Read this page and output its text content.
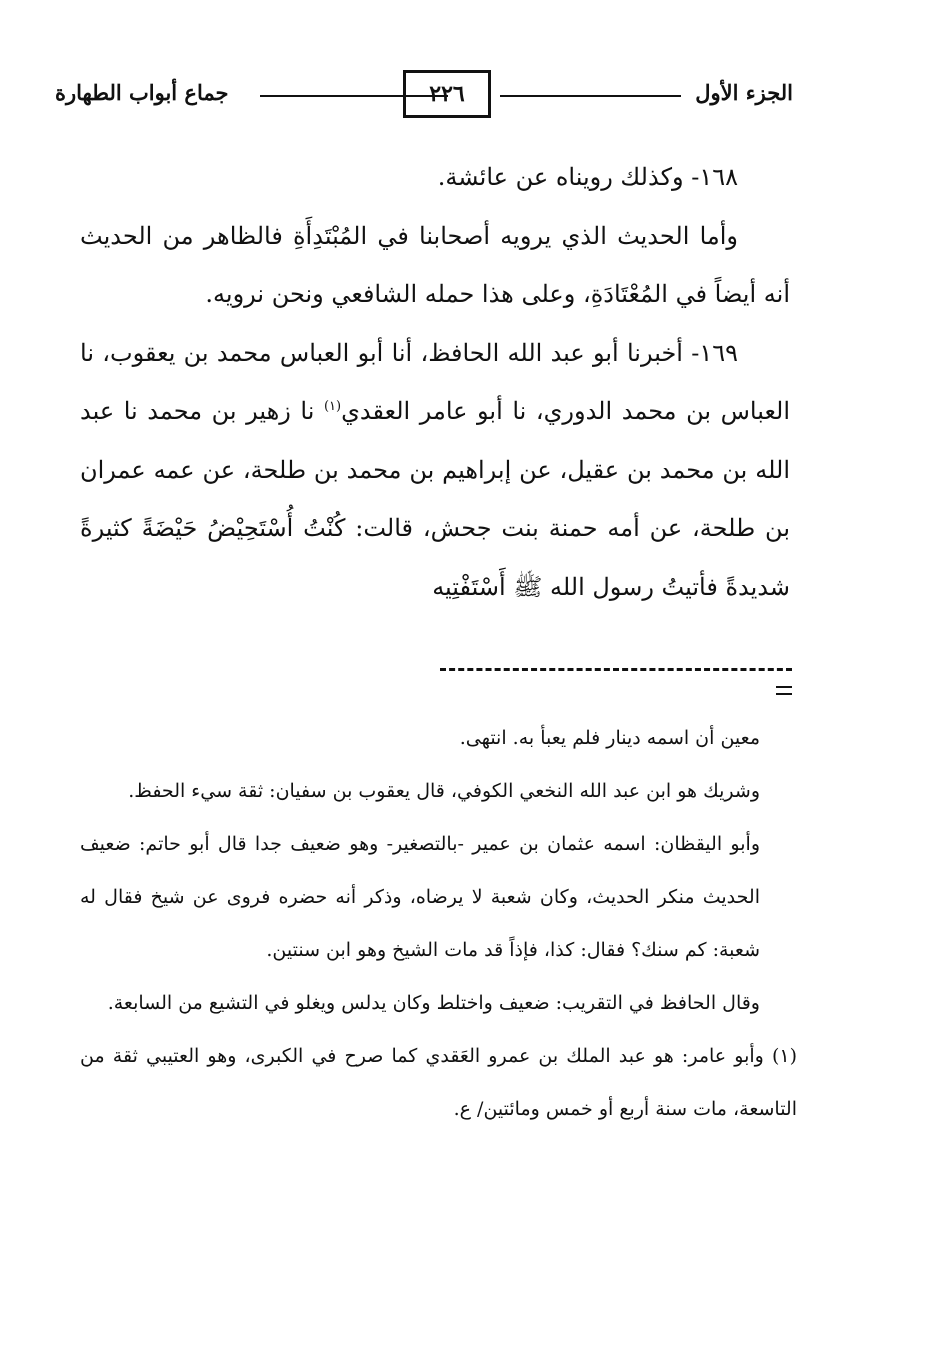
الجزء الأول
٢٢٦
جماع أبواب الطهارة

١٦٨- وكذلك رويناه عن عائشة.

وأما الحديث الذي يرويه أصحابنا في المُبْتَدِأَةِ فالظاهر من الحديث أنه أيضاً في المُعْتَادَةِ، وعلى هذا حمله الشافعي ونحن نرويه.

١٦٩- أخبرنا أبو عبد الله الحافظ، أنا أبو العباس محمد بن يعقوب، نا العباس بن محمد الدوري، نا أبو عامر العقدي$^{(١)}$ نا زهير بن محمد نا عبد الله بن محمد بن عقيل، عن إبراهيم بن محمد بن طلحة، عن عمه عمران بن طلحة، عن أمه حمنة بنت جحش، قالت: كُنْتُ أُسْتَحِيْضُ حَيْضَةً كثيرةً شديدةً فأتيتُ رسول الله ﷺ أَسْتَفْتِيه

معين أن اسمه دينار فلم يعبأ به. انتهى.

وشريك هو ابن عبد الله النخعي الكوفي، قال يعقوب بن سفيان: ثقة سيء الحفظ.

وأبو اليقظان: اسمه عثمان بن عمير -بالتصغير- وهو ضعيف جدا قال أبو حاتم: ضعيف الحديث منكر الحديث، وكان شعبة لا يرضاه، وذكر أنه حضره فروى عن شيخ فقال له شعبة: كم سنك؟ فقال: كذا، فإذاً قد مات الشيخ وهو ابن سنتين.

وقال الحافظ في التقريب: ضعيف واختلط وكان يدلس ويغلو في التشيع من السابعة.

(١) وأبو عامر: هو عبد الملك بن عمرو العَقدي كما صرح في الكبرى، وهو العتيبي ثقة من التاسعة، مات سنة أربع أو خمس ومائتين/ ع.
